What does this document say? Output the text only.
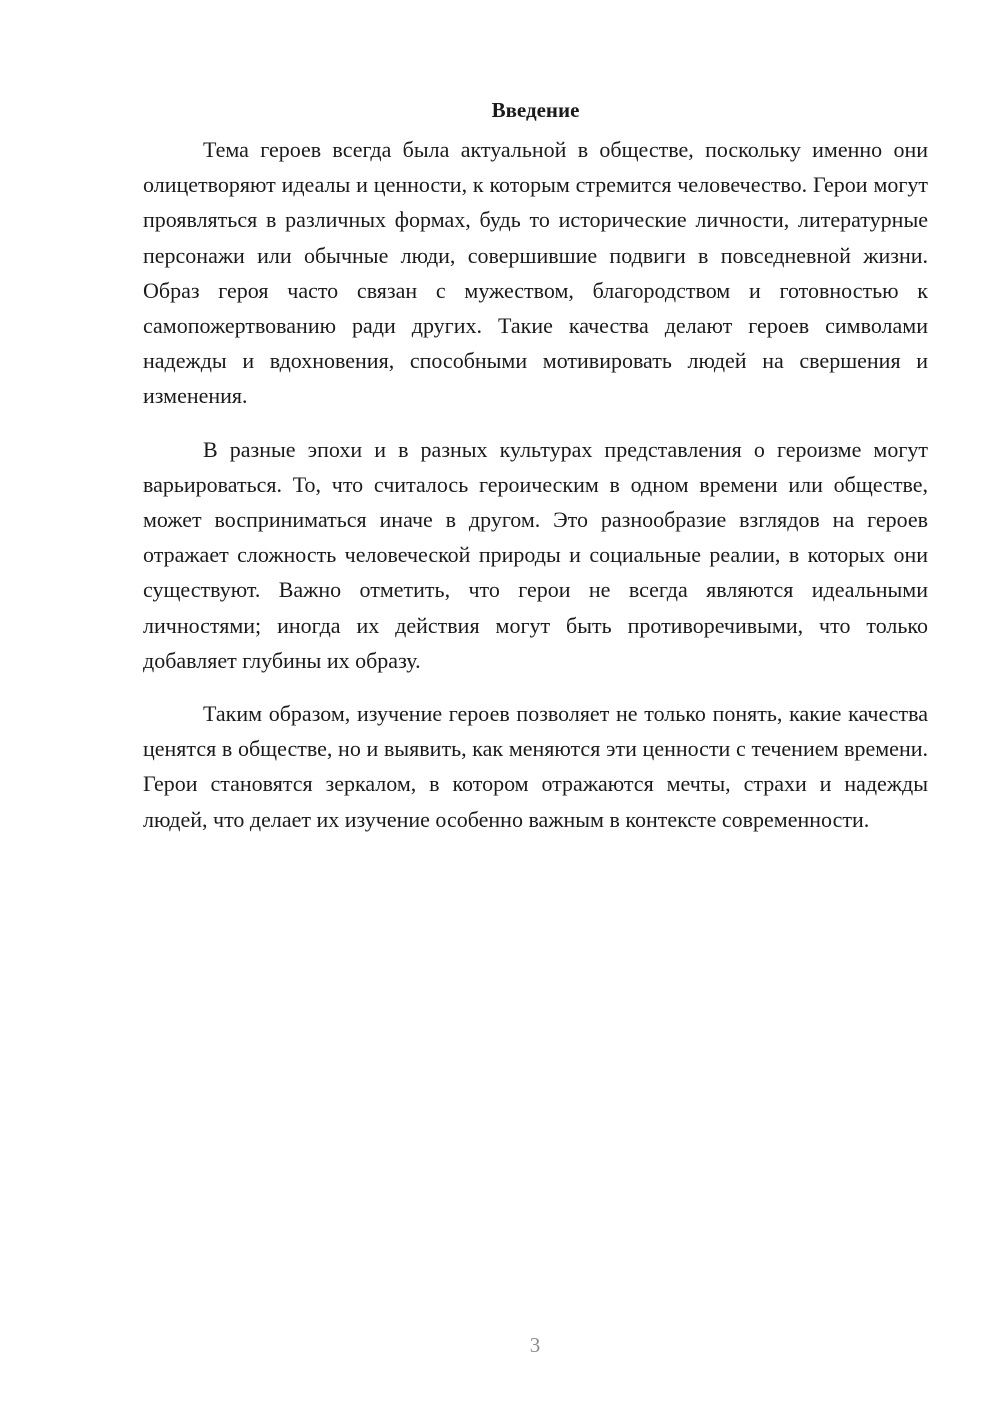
Введение

Тема героев всегда была актуальной в обществе, поскольку именно они олицетворяют идеалы и ценности, к которым стремится человечество. Герои могут проявляться в различных формах, будь то исторические личности, литературные персонажи или обычные люди, совершившие подвиги в повседневной жизни. Образ героя часто связан с мужеством, благородством и готовностью к самопожертвованию ради других. Такие качества делают героев символами надежды и вдохновения, способными мотивировать людей на свершения и изменения.

В разные эпохи и в разных культурах представления о героизме могут варьироваться. То, что считалось героическим в одном времени или обществе, может восприниматься иначе в другом. Это разнообразие взглядов на героев отражает сложность человеческой природы и социальные реалии, в которых они существуют. Важно отметить, что герои не всегда являются идеальными личностями; иногда их действия могут быть противоречивыми, что только добавляет глубины их образу.

Таким образом, изучение героев позволяет не только понять, какие качества ценятся в обществе, но и выявить, как меняются эти ценности с течением времени. Герои становятся зеркалом, в котором отражаются мечты, страхи и надежды людей, что делает их изучение особенно важным в контексте современности.

3
